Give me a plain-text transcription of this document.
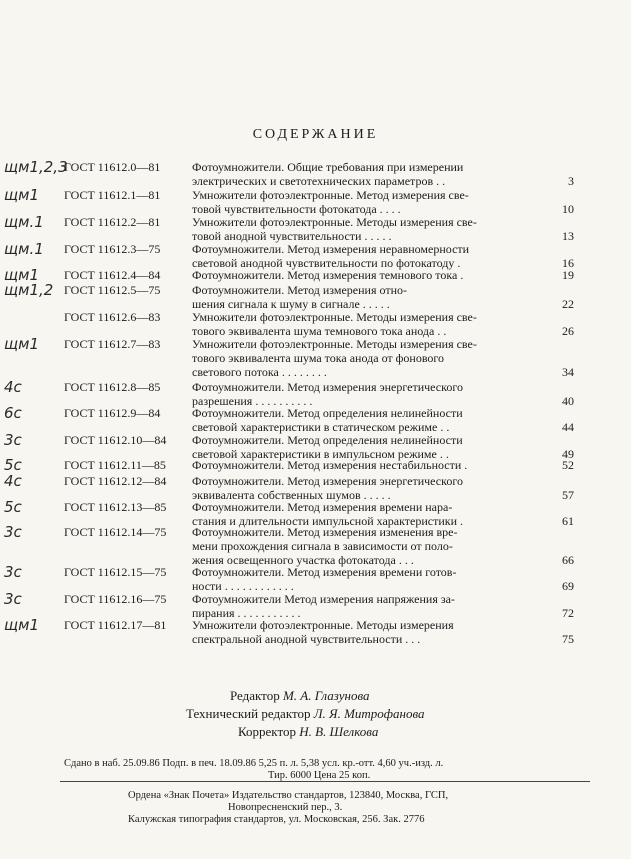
СОДЕРЖАНИЕ
щм1,2,3
ГОСТ 11612.0—81	Фотоумножители. Общие требования при измерении
электрических и светотехнических параметров . .	3
щм1	ГОСТ 11612.1—81	Умножители фотоэлектронные. Метод измерения све-
товой чувствительности фотокатода . . . .	10
щм.1	ГОСТ 11612.2—81	Умножители фотоэлектронные. Методы измерения све-
товой анодной чувствительности . . . . .	13
щм.1	ГОСТ 11612.3—75	Фотоумножители. Метод измерения неравномерности
световой анодной чувствительности по фотокатоду .	16
щм1	ГОСТ 11612.4—84	Фотоумножители. Метод измерения темнового тока .	19
щм1,2 ГОСТ 11612.5—75	Фотоумножители. Метод измерения отно-
шения сигнала к шуму в сигнале . . . . .	22
ГОСТ 11612.6—83	Умножители фотоэлектронные. Методы измерения све-
тового эквивалента шума темнового тока анода . .	26
щм1	ГОСТ 11612.7—83	Умножители фотоэлектронные. Методы измерения све-
тового эквивалента шума тока анода от фонового
светового потока . . . . . . . .	34
4с	ГОСТ 11612.8—85	Фотоумножители. Метод измерения энергетического
разрешения . . . . . . . . . .	40
6с	ГОСТ 11612.9—84	Фотоумножители. Метод определения нелинейности
световой характеристики в статическом режиме . .	44
3с	ГОСТ 11612.10—84	Фотоумножители. Метод определения нелинейности
световой характеристики в импульсном режиме . .	49
5с	ГОСТ 11612.11—85	Фотоумножители. Метод измерения нестабильности .	52
4с	ГОСТ 11612.12—84	Фотоумножители. Метод измерения энергетического
эквивалента собственных шумов . . . . .	57
5с	ГОСТ 11612.13—85	Фотоумножители. Метод измерения времени нара-
стания и длительности импульсной характеристики .	61
3с	ГОСТ 11612.14—75	Фотоумножители. Метод измерения изменения вре-
мени прохождения сигнала в зависимости от поло-
жения освещенного участка фотокатода . . .	66
3с	ГОСТ 11612.15—75	Фотоумножители. Метод измерения времени готов-
ности . . . . . . . . . . . .	69
3с	ГОСТ 11612.16—75	Фотоумножители Метод измерения напряжения за-
пирания . . . . . . . . . . .	72
щм1	ГОСТ 11612.17—81	Умножители фотоэлектронные. Методы измерения
спектральной анодной чувствительности . . .	75
Редактор М. А. Глазунова
Технический редактор Л. Я. Митрофанова
Корректор Н. В. Шелкова
Сдано в наб. 25.09.86 Подп. в печ. 18.09.86 5,25 п. л. 5,38 усл. кр.-отт. 4,60 уч.-изд. л.
Тир. 6000 Цена 25 коп.
Ордена «Знак Почета» Издательство стандартов, 123840, Москва, ГСП,
Новопресненский пер., 3.
Калужская типография стандартов, ул. Московская, 256. Зак. 2776
